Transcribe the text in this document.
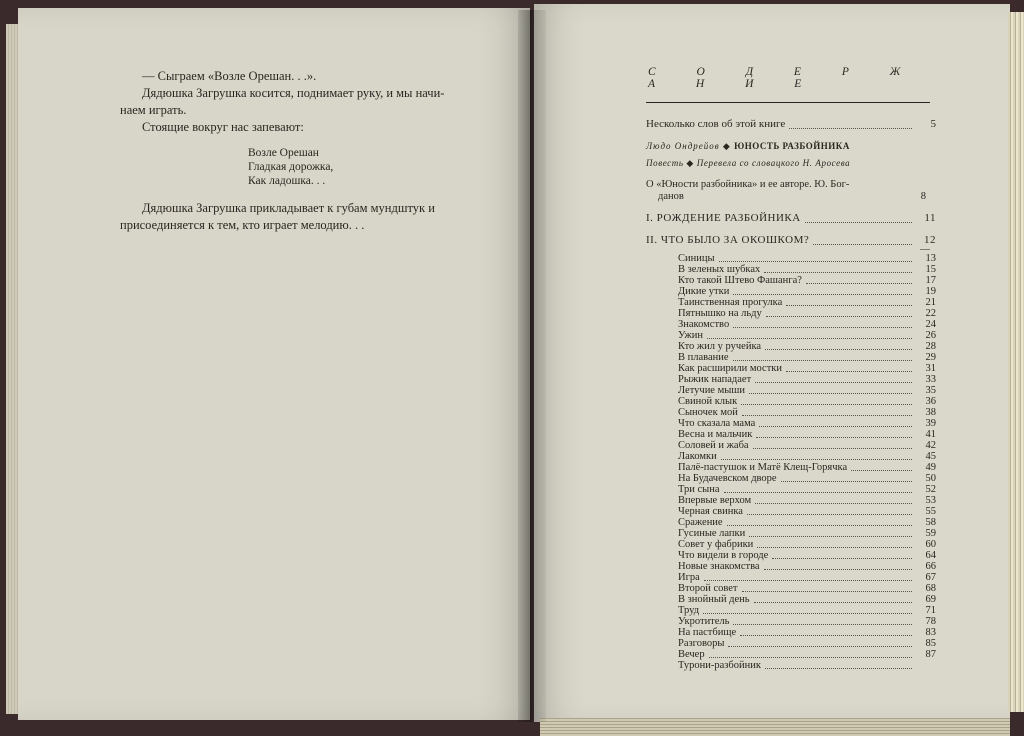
— Сыграем «Возле Орешан. . .».

Дядюшка Загрушка косится, поднимает руку, и мы начи-

наем играть.

Стоящие вокруг нас запевают:

Возле Орешан
Гладкая дорожка,
Как ладошка. . .

Дядюшка Загрушка прикладывает к губам мундштук и

присоединяется к тем, кто играет мелодию. . .

С О Д Е Р Ж А Н И Е
Несколько слов об этой книге	5
Людо Ондрейов ◆ ЮНОСТЬ РАЗБОЙНИКА
Повесть ◆ Перевела со словацкого Н. Аросева
О «Юности разбойника» и ее авторе. Ю. Бог-
данов	8
I. РОЖДЕНИЕ РАЗБОЙНИКА	11
II. ЧТО БЫЛО ЗА ОКОШКОМ?	12
—
Синицы	13
В зеленых шубках	15
Кто такой Штево Фашанга?	17
Дикие утки	19
Таинственная прогулка	21
Пятнышко на льду	22
Знакомство	24
Ужин	26
Кто жил у ручейка	28
В плавание	29
Как расширили мостки	31
Рыжик нападает	33
Летучие мыши	35
Свиной клык	36
Сыночек мой	38
Что сказала мама	39
Весна и мальчик	41
Соловей и жаба	42
Лакомки	45
Палё-пастушок и Матё Клещ-Горячка	49
На Будачевском дворе	50
Три сына	52
Впервые верхом	53
Черная свинка	55
Сражение	58
Гусиные лапки	59
Совет у фабрики	60
Что видели в городе	64
Новые знакомства	66
Игра	67
Второй совет	68
В знойный день	69
Труд	71
Укротитель	78
На пастбище	83
Разговоры	85
Вечер	87
Турони-разбойник
